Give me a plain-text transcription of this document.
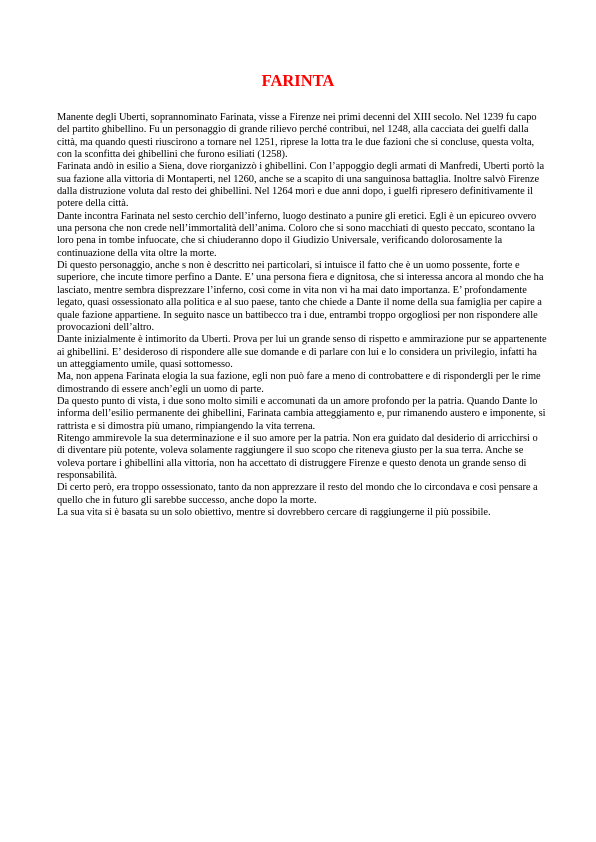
FARINTA

Manente degli Uberti, soprannominato Farinata, visse a Firenze nei primi decenni del XIII secolo. Nel 1239 fu capo del partito ghibellino. Fu un personaggio di grande rilievo perché contribuì, nel 1248, alla cacciata dei guelfi dalla città, ma quando questi riuscirono a tornare nel 1251, riprese la lotta tra le due fazioni che si concluse, questa volta, con la sconfitta dei ghibellini che furono esiliati (1258).

Farinata andò in esilio a Siena, dove riorganizzò i ghibellini. Con l’appoggio degli armati di Manfredi, Uberti portò la sua fazione alla vittoria di Montaperti, nel 1260, anche se a scapito di una sanguinosa battaglia. Inoltre salvò Firenze dalla distruzione voluta dal resto dei ghibellini. Nel 1264 morì e due anni dopo, i guelfi ripresero definitivamente il potere della città.

Dante incontra Farinata nel sesto cerchio dell’inferno, luogo destinato a punire gli eretici. Egli è un epicureo ovvero una persona che non crede nell’immortalità dell’anima. Coloro che si sono macchiati di questo peccato, scontano la loro pena in tombe infuocate, che si chiuderanno dopo il Giudizio Universale, verificando dolorosamente la continuazione della vita oltre la morte.

Di questo personaggio, anche s non è descritto nei particolari, si intuisce il fatto che è un uomo possente, forte e superiore, che incute timore perfino a Dante. E’ una persona fiera e dignitosa, che si interessa ancora al mondo che ha lasciato, mentre sembra disprezzare l’inferno, così come in vita non vi ha mai dato importanza. E’ profondamente legato, quasi ossessionato alla politica e al suo paese, tanto che chiede a Dante il nome della sua famiglia per capire a quale fazione appartiene. In seguito nasce un battibecco tra i due, entrambi troppo orgogliosi per non rispondere alle provocazioni dell’altro.

Dante inizialmente è intimorito da Uberti. Prova per lui un grande senso di rispetto e ammirazione pur se appartenente ai ghibellini. E’ desideroso di rispondere alle sue domande e di parlare con lui e lo considera un privilegio, infatti ha un atteggiamento umile, quasi sottomesso.

Ma, non appena Farinata elogia la sua fazione, egli non può fare a meno di controbattere e di rispondergli per le rime dimostrando di essere anch’egli un uomo di parte.

Da questo punto di vista, i due sono molto simili e accomunati da un amore profondo per la patria. Quando Dante lo informa dell’esilio permanente dei ghibellini, Farinata cambia atteggiamento e, pur rimanendo austero e imponente, si rattrista e si dimostra più umano, rimpiangendo la vita terrena.

Ritengo ammirevole la sua determinazione e il suo amore per la patria. Non era guidato dal desiderio di arricchirsi o di diventare più potente, voleva solamente raggiungere il suo scopo che riteneva giusto per la sua terra. Anche se voleva portare i ghibellini alla vittoria, non ha accettato di distruggere Firenze e questo denota un grande senso di responsabilità.

Di certo però, era troppo ossessionato, tanto da non apprezzare il resto del mondo che lo circondava e così pensare a quello che in futuro gli sarebbe successo, anche dopo la morte.

La sua vita si è basata su un solo obiettivo, mentre si dovrebbero cercare di raggiungerne il più possibile.
